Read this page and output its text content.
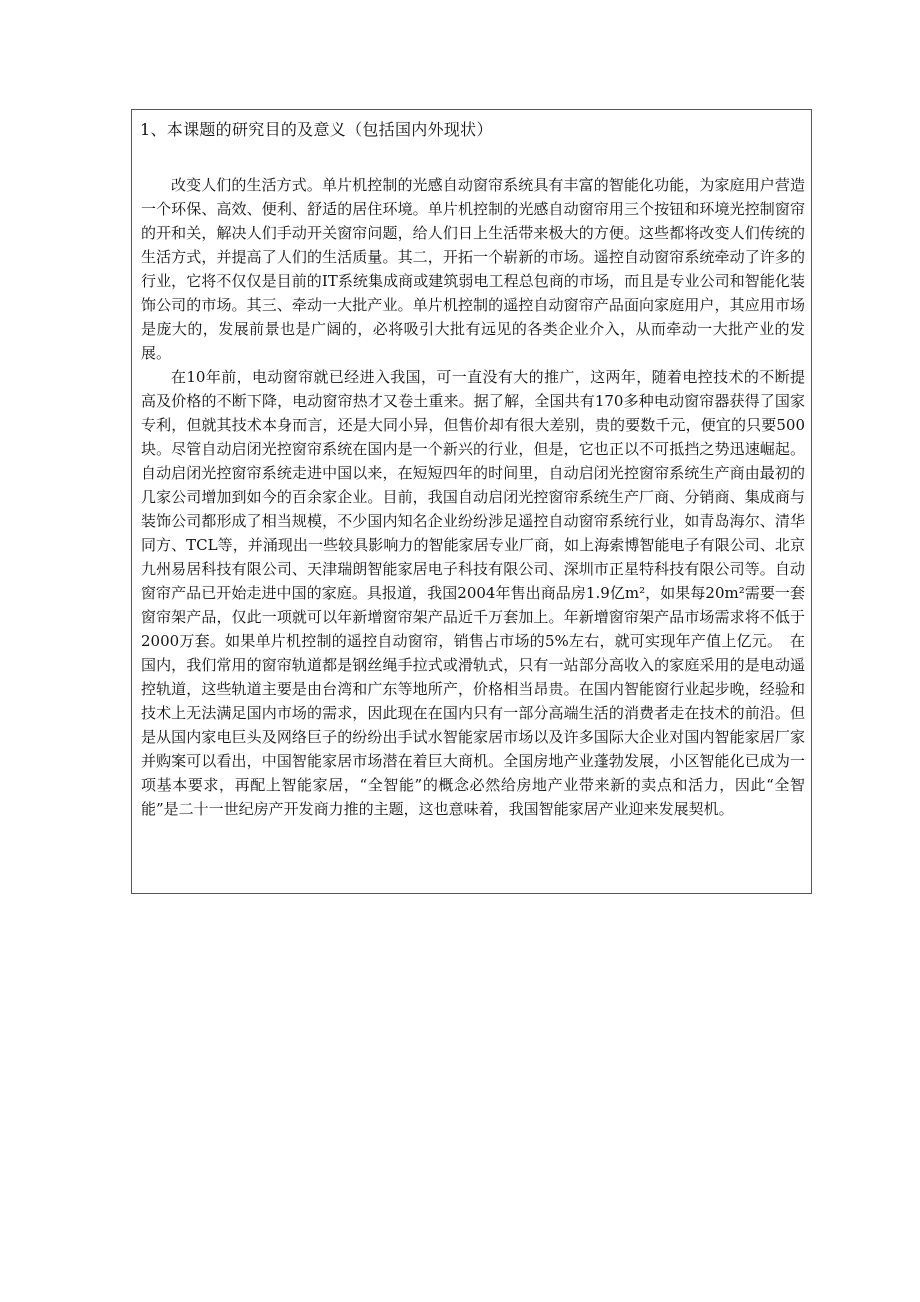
1、本课题的研究目的及意义（包括国内外现状）

改变人们的生活方式。单片机控制的光感自动窗帘系统具有丰富的智能化功能，为家庭用户营造一个环保、高效、便利、舒适的居住环境。单片机控制的光感自动窗帘用三个按钮和环境光控制窗帘的开和关，解决人们手动开关窗帘问题，给人们日上生活带来极大的方便。这些都将改变人们传统的生活方式，并提高了人们的生活质量。其二，开拓一个崭新的市场。遥控自动窗帘系统牵动了许多的行业，它将不仅仅是目前的IT系统集成商或建筑弱电工程总包商的市场，而且是专业公司和智能化装饰公司的市场。其三、牵动一大批产业。单片机控制的遥控自动窗帘产品面向家庭用户，其应用市场是庞大的，发展前景也是广阔的，必将吸引大批有远见的各类企业介入，从而牵动一大批产业的发展。

在10年前，电动窗帘就已经进入我国，可一直没有大的推广，这两年，随着电控技术的不断提高及价格的不断下降，电动窗帘热才又卷土重来。据了解，全国共有170多种电动窗帘器获得了国家专利，但就其技术本身而言，还是大同小异，但售价却有很大差别，贵的要数千元，便宜的只要500块。尽管自动启闭光控窗帘系统在国内是一个新兴的行业，但是，它也正以不可抵挡之势迅速崛起。自动启闭光控窗帘系统走进中国以来，在短短四年的时间里，自动启闭光控窗帘系统生产商由最初的几家公司增加到如今的百余家企业。目前，我国自动启闭光控窗帘系统生产厂商、分销商、集成商与装饰公司都形成了相当规模，不少国内知名企业纷纷涉足遥控自动窗帘系统行业，如青岛海尔、清华同方、TCL等，并涌现出一些较具影响力的智能家居专业厂商，如上海索博智能电子有限公司、北京九州易居科技有限公司、天津瑞朗智能家居电子科技有限公司、深圳市正星特科技有限公司等。自动窗帘产品已开始走进中国的家庭。具报道，我国2004年售出商品房1.9亿m²，如果每20m²需要一套窗帘架产品，仅此一项就可以年新增窗帘架产品近千万套加上。年新增窗帘架产品市场需求将不低于2000万套。如果单片机控制的遥控自动窗帘，销售占市场的5%左右，就可实现年产值上亿元。　在国内，我们常用的窗帘轨道都是钢丝绳手拉式或滑轨式，只有一站部分高收入的家庭采用的是电动遥控轨道，这些轨道主要是由台湾和广东等地所产，价格相当昂贵。在国内智能窗行业起步晚，经验和技术上无法满足国内市场的需求，因此现在在国内只有一部分高端生活的消费者走在技术的前沿。但是从国内家电巨头及网络巨子的纷纷出手试水智能家居市场以及许多国际大企业对国内智能家居厂家并购案可以看出，中国智能家居市场潜在着巨大商机。全国房地产业蓬勃发展，小区智能化已成为一项基本要求，再配上智能家居，“全智能”的概念必然给房地产业带来新的卖点和活力，因此“全智能”是二十一世纪房产开发商力推的主题，这也意味着，我国智能家居产业迎来发展契机。
